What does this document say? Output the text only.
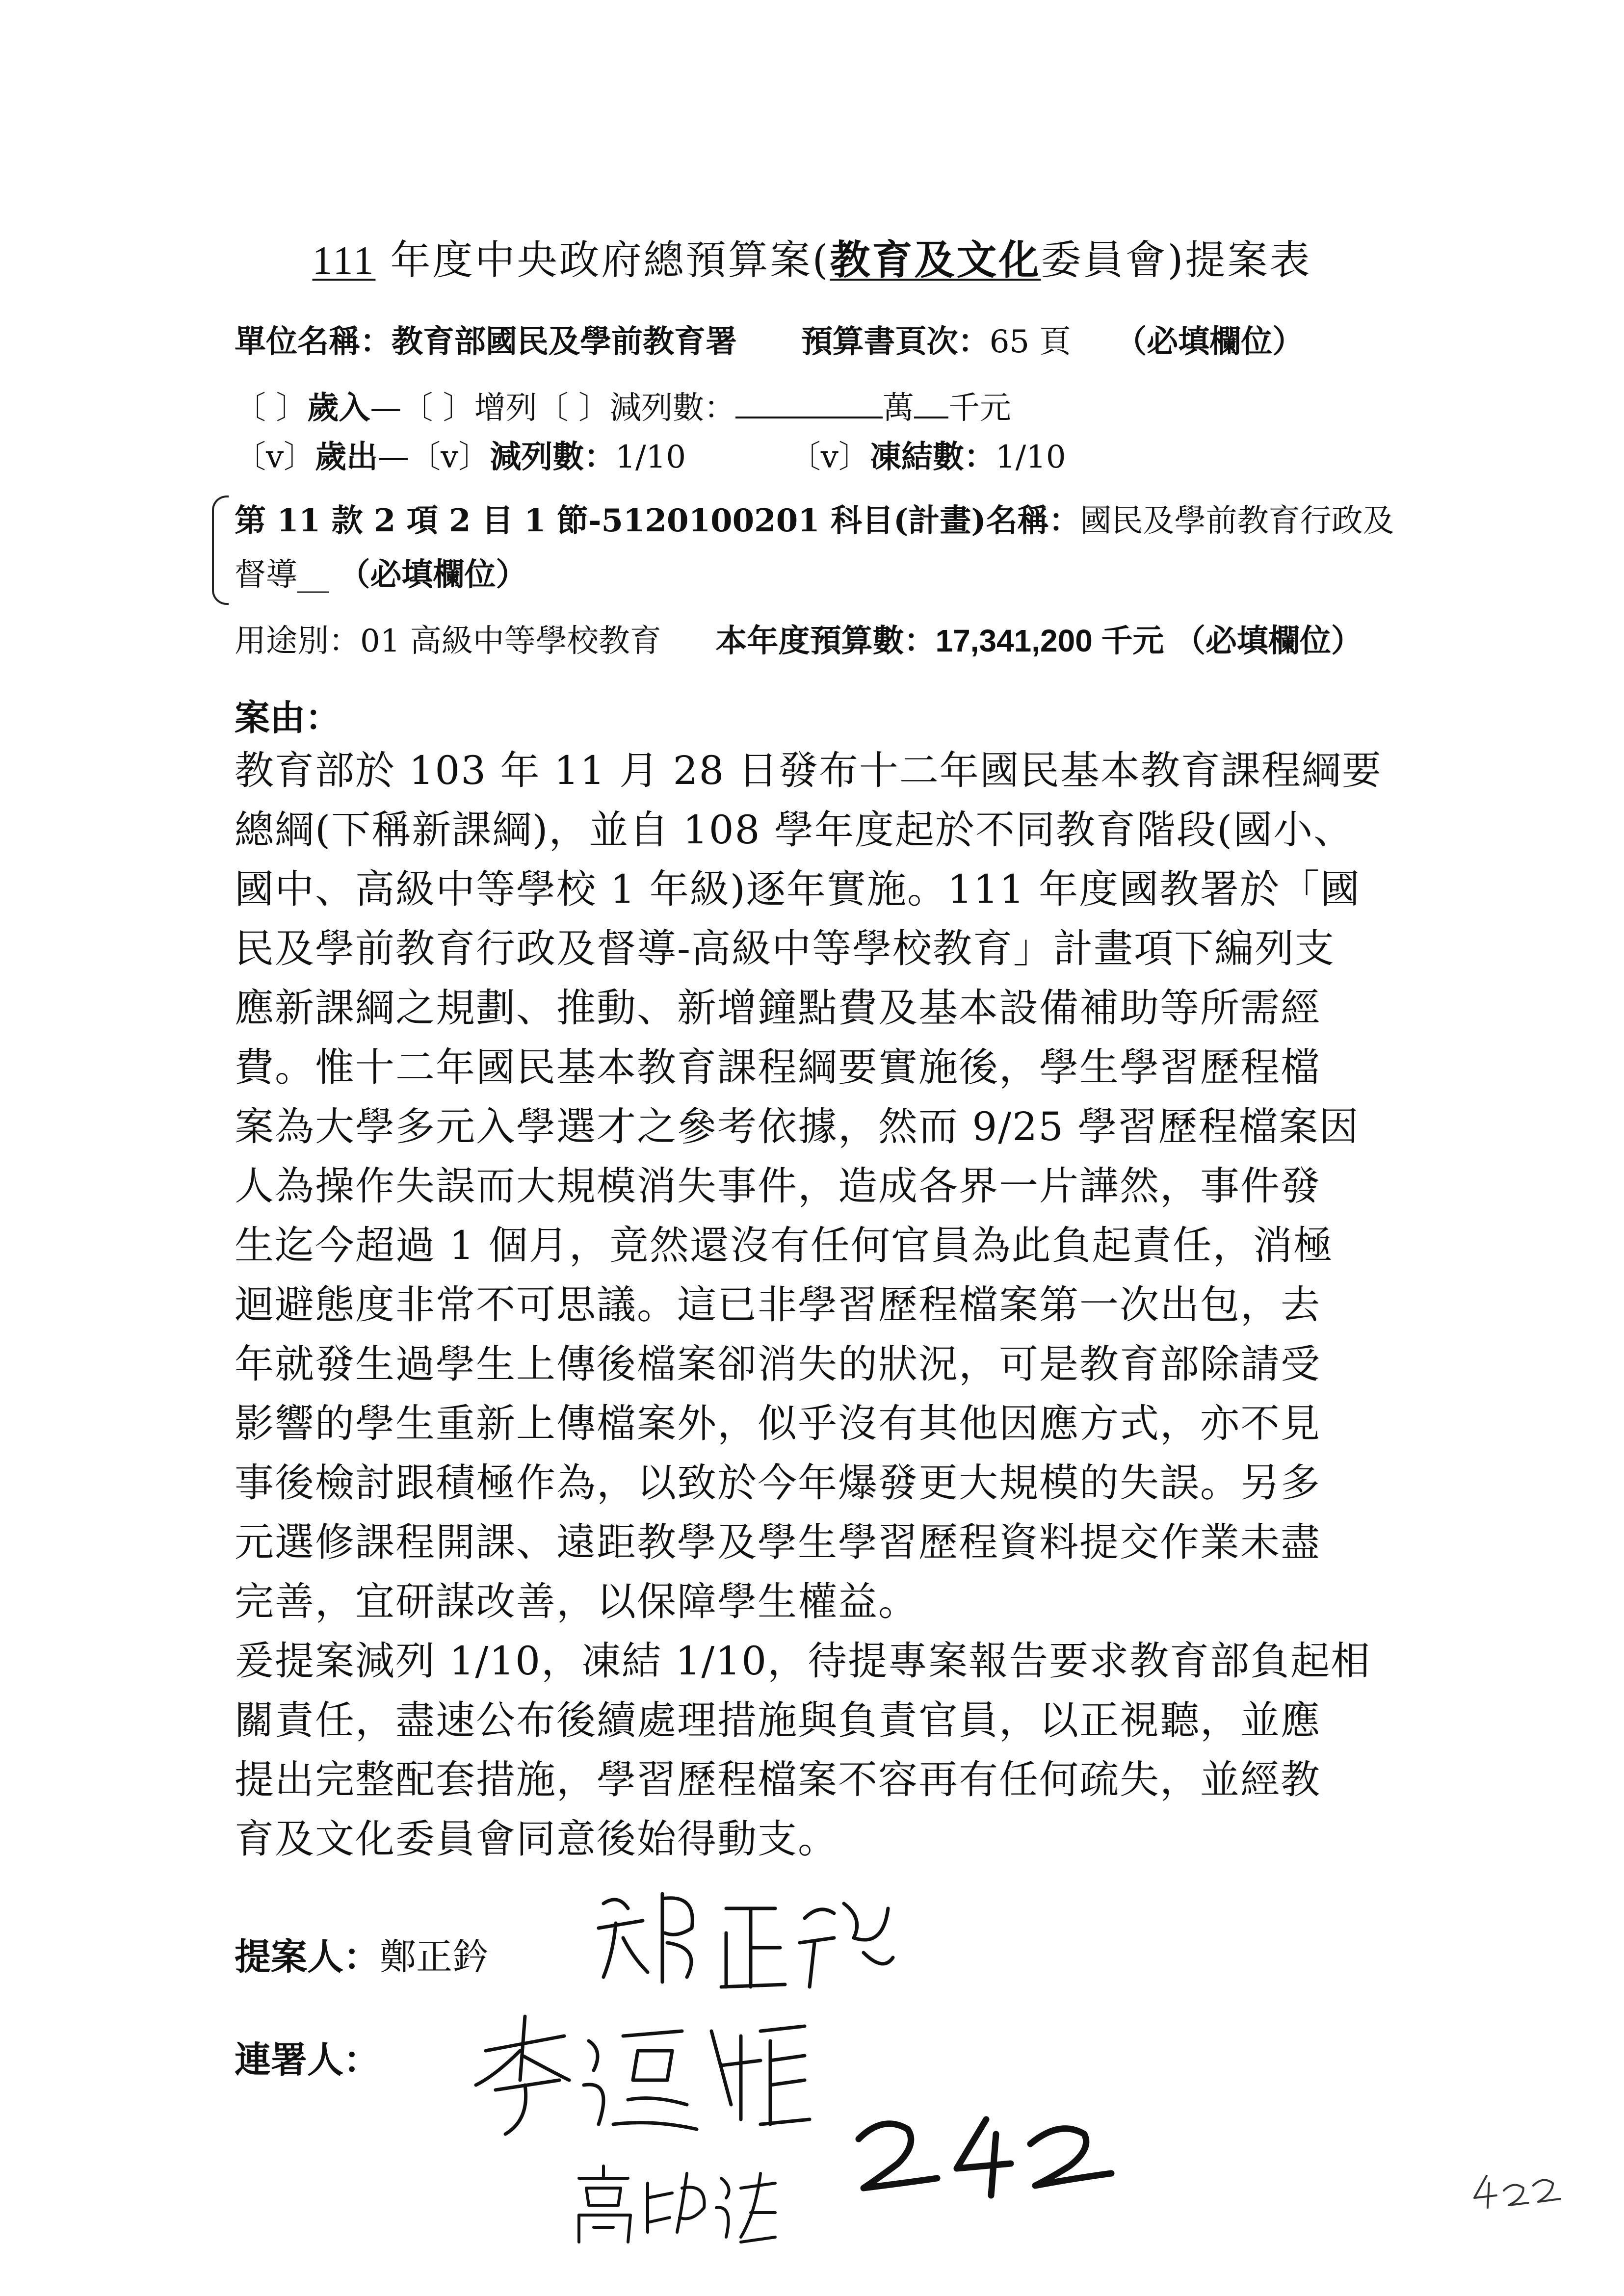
111 年度中央政府總預算案(教育及文化委員會)提案表
單位名稱：教育部國民及學前教育署 預算書頁次：65 頁 （必填欄位）
〔 〕歲入—〔 〕增列〔 〕減列數：	萬 千元
〔v〕歲出—〔v〕減列數：1/10	〔v〕凍結數：1/10
第 11 款 2 項 2 目 1 節-5120100201 科目(計畫)名稱：國民及學前教育行政及
督導__ （必填欄位）
用途別：01 高級中等學校教育 本年度預算數：17,341,200 千元 （必填欄位）
案由：
教育部於 103 年 11 月 28 日發布十二年國民基本教育課程綱要
總綱(下稱新課綱)，並自 108 學年度起於不同教育階段(國小、
國中、高級中等學校 1 年級)逐年實施。111 年度國教署於「國
民及學前教育行政及督導-高級中等學校教育」計畫項下編列支
應新課綱之規劃、推動、新增鐘點費及基本設備補助等所需經
費。惟十二年國民基本教育課程綱要實施後，學生學習歷程檔
案為大學多元入學選才之參考依據，然而 9/25 學習歷程檔案因
人為操作失誤而大規模消失事件，造成各界一片譁然，事件發
生迄今超過 1 個月，竟然還沒有任何官員為此負起責任，消極
迴避態度非常不可思議。這已非學習歷程檔案第一次出包，去
年就發生過學生上傳後檔案卻消失的狀況，可是教育部除請受
影響的學生重新上傳檔案外，似乎沒有其他因應方式，亦不見
事後檢討跟積極作為，以致於今年爆發更大規模的失誤。另多
元選修課程開課、遠距教學及學生學習歷程資料提交作業未盡
完善，宜研謀改善，以保障學生權益。
爰提案減列 1/10，凍結 1/10，待提專案報告要求教育部負起相
關責任，盡速公布後續處理措施與負責官員，以正視聽，並應
提出完整配套措施，學習歷程檔案不容再有任何疏失，並經教
育及文化委員會同意後始得動支。
提案人：鄭正鈐
連署人：
